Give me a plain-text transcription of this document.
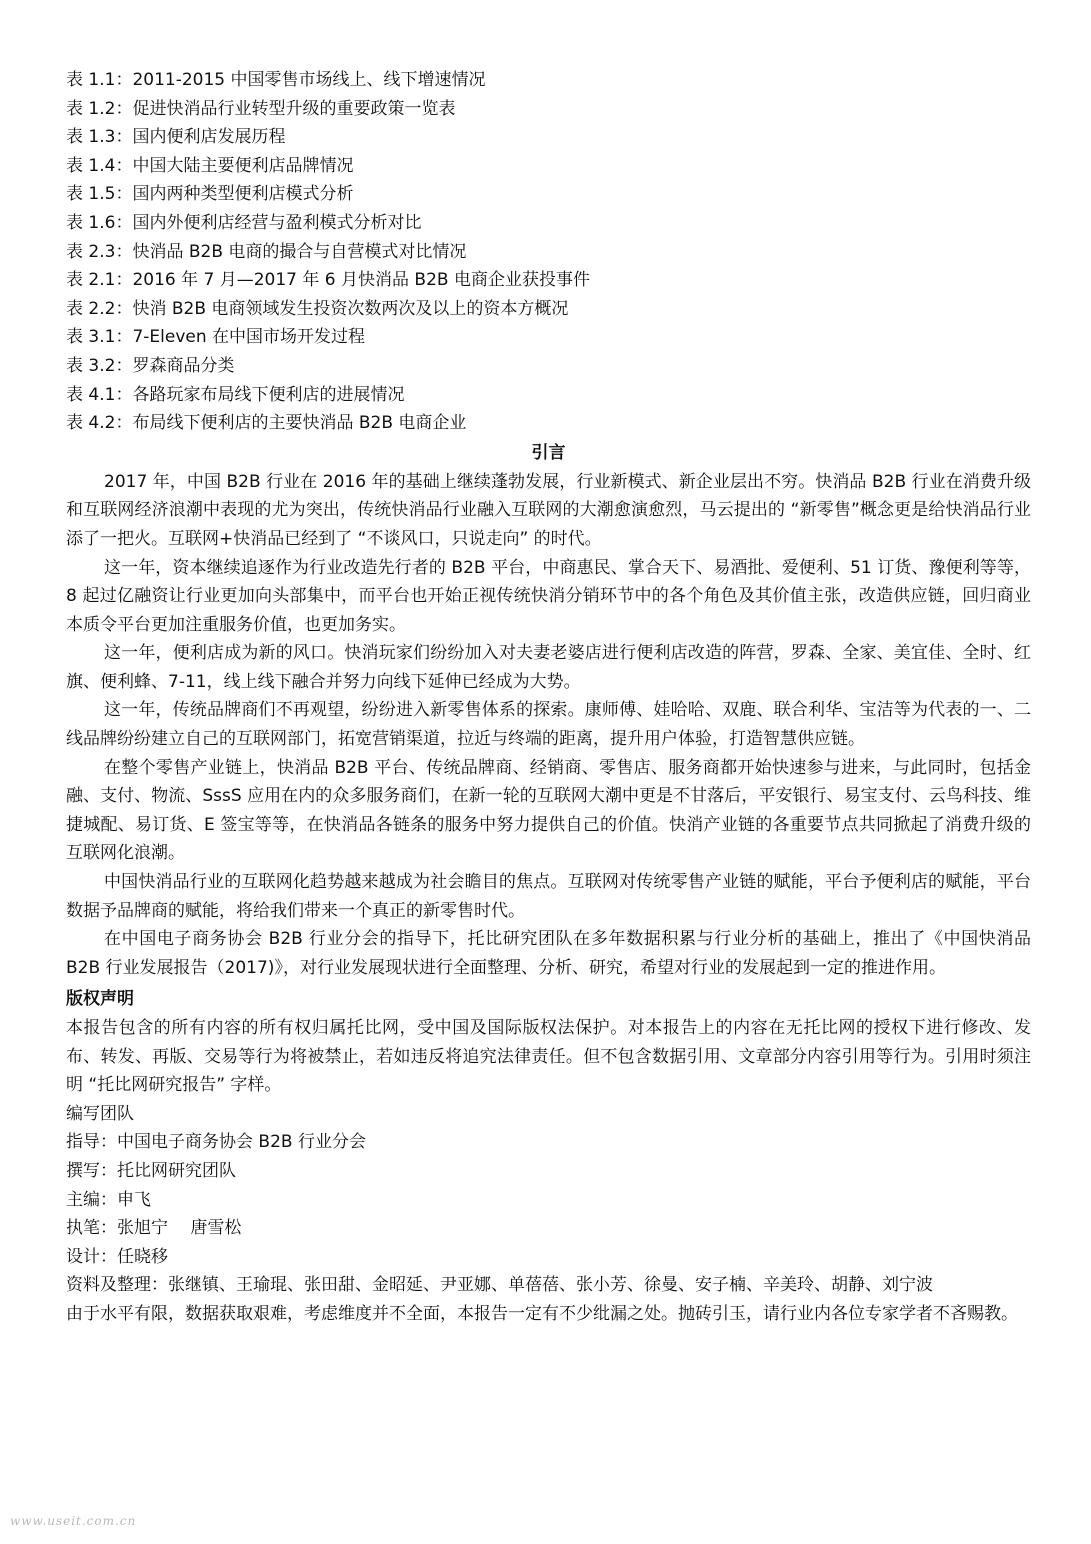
表 1.1：2011-2015 中国零售市场线上、线下增速情况
表 1.2：促进快消品行业转型升级的重要政策一览表
表 1.3：国内便利店发展历程
表 1.4：中国大陆主要便利店品牌情况
表 1.5：国内两种类型便利店模式分析
表 1.6：国内外便利店经营与盈利模式分析对比
表 2.3：快消品 B2B 电商的撮合与自营模式对比情况
表 2.1：2016 年 7 月—2017 年 6 月快消品 B2B 电商企业获投事件
表 2.2：快消 B2B 电商领域发生投资次数两次及以上的资本方概况
表 3.1：7-Eleven 在中国市场开发过程
表 3.2：罗森商品分类
表 4.1：各路玩家布局线下便利店的进展情况
表 4.2：布局线下便利店的主要快消品 B2B 电商企业
引言

2017 年，中国 B2B 行业在 2016 年的基础上继续蓬勃发展，行业新模式、新企业层出不穷。快消品 B2B 行业在消费升级和互联网经济浪潮中表现的尤为突出，传统快消品行业融入互联网的大潮愈演愈烈，马云提出的 “新零售”概念更是给快消品行业添了一把火。互联网+快消品已经到了 “不谈风口，只说走向” 的时代。

这一年，资本继续追逐作为行业改造先行者的 B2B 平台，中商惠民、掌合天下、易酒批、爱便利、51 订货、豫便利等等，8 起过亿融资让行业更加向头部集中，而平台也开始正视传统快消分销环节中的各个角色及其价值主张，改造供应链，回归商业本质令平台更加注重服务价值，也更加务实。

这一年，便利店成为新的风口。快消玩家们纷纷加入对夫妻老婆店进行便利店改造的阵营，罗森、全家、美宜佳、全时、红旗、便利蜂、7-11，线上线下融合并努力向线下延伸已经成为大势。

这一年，传统品牌商们不再观望，纷纷进入新零售体系的探索。康师傅、娃哈哈、双鹿、联合利华、宝洁等为代表的一、二线品牌纷纷建立自己的互联网部门，拓宽营销渠道，拉近与终端的距离，提升用户体验，打造智慧供应链。

在整个零售产业链上，快消品 B2B 平台、传统品牌商、经销商、零售店、服务商都开始快速参与进来，与此同时，包括金融、支付、物流、SssS 应用在内的众多服务商们，在新一轮的互联网大潮中更是不甘落后，平安银行、易宝支付、云鸟科技、维捷城配、易订货、E 签宝等等，在快消品各链条的服务中努力提供自己的价值。快消产业链的各重要节点共同掀起了消费升级的互联网化浪潮。

中国快消品行业的互联网化趋势越来越成为社会瞻目的焦点。互联网对传统零售产业链的赋能，平台予便利店的赋能，平台数据予品牌商的赋能，将给我们带来一个真正的新零售时代。

在中国电子商务协会 B2B 行业分会的指导下，托比研究团队在多年数据积累与行业分析的基础上，推出了《中国快消品 B2B 行业发展报告（2017)》，对行业发展现状进行全面整理、分析、研究，希望对行业的发展起到一定的推进作用。

版权声明

本报告包含的所有内容的所有权归属托比网，受中国及国际版权法保护。对本报告上的内容在无托比网的授权下进行修改、发布、转发、再版、交易等行为将被禁止，若如违反将追究法律责任。但不包含数据引用、文章部分内容引用等行为。引用时须注明 “托比网研究报告” 字样。

编写团队
指导：中国电子商务协会 B2B 行业分会
撰写：托比网研究团队
主编：申飞
执笔：张旭宁　 唐雪松
设计：任晓移
资料及整理：张继镇、王瑜琨、张田甜、金昭延、尹亚娜、单蓓蓓、张小芳、徐曼、安子楠、辛美玲、胡静、刘宁波

由于水平有限，数据获取艰难，考虑维度并不全面，本报告一定有不少纰漏之处。抛砖引玉，请行业内各位专家学者不吝赐教。

www.useit.com.cn
